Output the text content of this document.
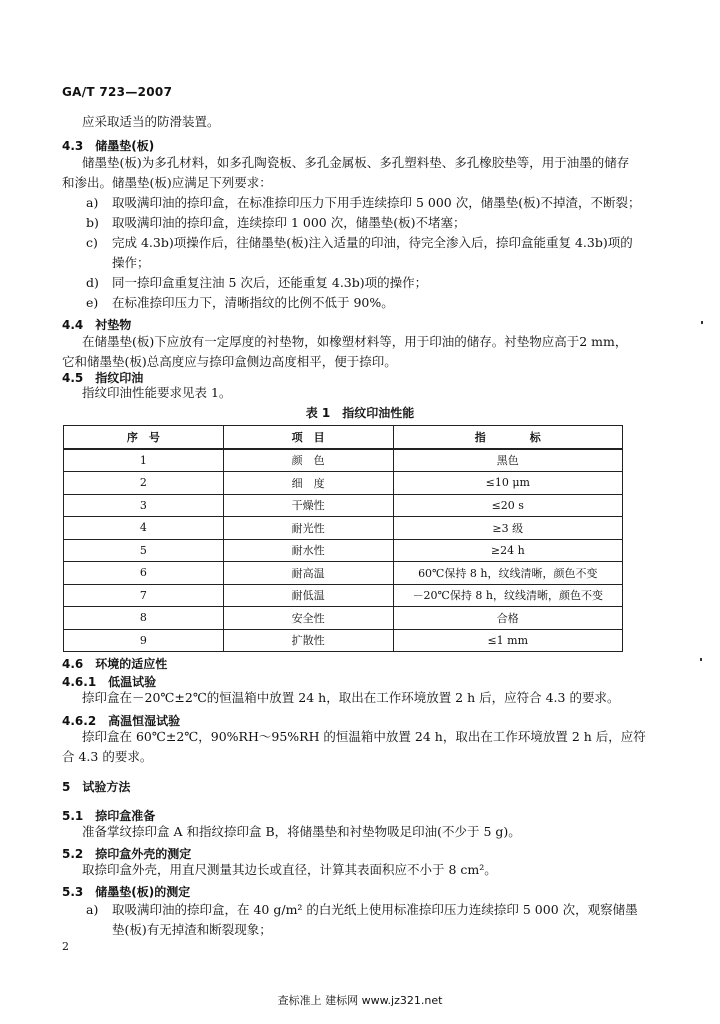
GA/T 723—2007
应采取适当的防滑装置。
4.3　储墨垫(板)
储墨垫(板)为多孔材料，如多孔陶瓷板、多孔金属板、多孔塑料垫、多孔橡胶垫等，用于油墨的储存
和渗出。储墨垫(板)应满足下列要求：
a) 取吸满印油的捺印盒，在标准捺印压力下用手连续捺印 5 000 次，储墨垫(板)不掉渣，不断裂；
b) 取吸满印油的捺印盒，连续捺印 1 000 次，储墨垫(板)不堵塞；
c) 完成 4.3b)项操作后，往储墨垫(板)注入适量的印油，待完全渗入后，捺印盒能重复 4.3b)项的
操作；
d) 同一捺印盒重复注油 5 次后，还能重复 4.3b)项的操作；
e) 在标准捺印压力下，清晰指纹的比例不低于 90%。
4.4　衬垫物
在储墨垫(板)下应放有一定厚度的衬垫物，如橡塑材料等，用于印油的储存。衬垫物应高于2 mm，
它和储墨垫(板)总高度应与捺印盒侧边高度相平，便于捺印。
4.5　指纹印油
指纹印油性能要求见表 1。
表 1　指纹印油性能
序　号	项　目	指　　　　标
1	颜　色	黑色
2	细　度	≤10 μm
3	干燥性	≤20 s
4	耐光性	≥3 级
5	耐水性	≥24 h
6	耐高温	60℃保持 8 h，纹线清晰，颜色不变
7	耐低温	－20℃保持 8 h，纹线清晰，颜色不变
8	安全性	合格
9	扩散性	≤1 mm
4.6　环境的适应性
4.6.1　低温试验
捺印盒在－20℃±2℃的恒温箱中放置 24 h，取出在工作环境放置 2 h 后，应符合 4.3 的要求。
4.6.2　高温恒湿试验
捺印盒在 60℃±2℃，90%RH～95%RH 的恒温箱中放置 24 h，取出在工作环境放置 2 h 后，应符
合 4.3 的要求。
5　试验方法
5.1　捺印盒准备
准备掌纹捺印盒 A 和指纹捺印盒 B，将储墨垫和衬垫物吸足印油(不少于 5 g)。
5.2　捺印盒外壳的测定
取捺印盒外壳，用直尺测量其边长或直径，计算其表面积应不小于 8 cm²。
5.3　储墨垫(板)的测定
a) 取吸满印油的捺印盒，在 40 g/m² 的白光纸上使用标准捺印压力连续捺印 5 000 次，观察储墨
垫(板)有无掉渣和断裂现象；
2
查标准上 建标网 www.jz321.net
